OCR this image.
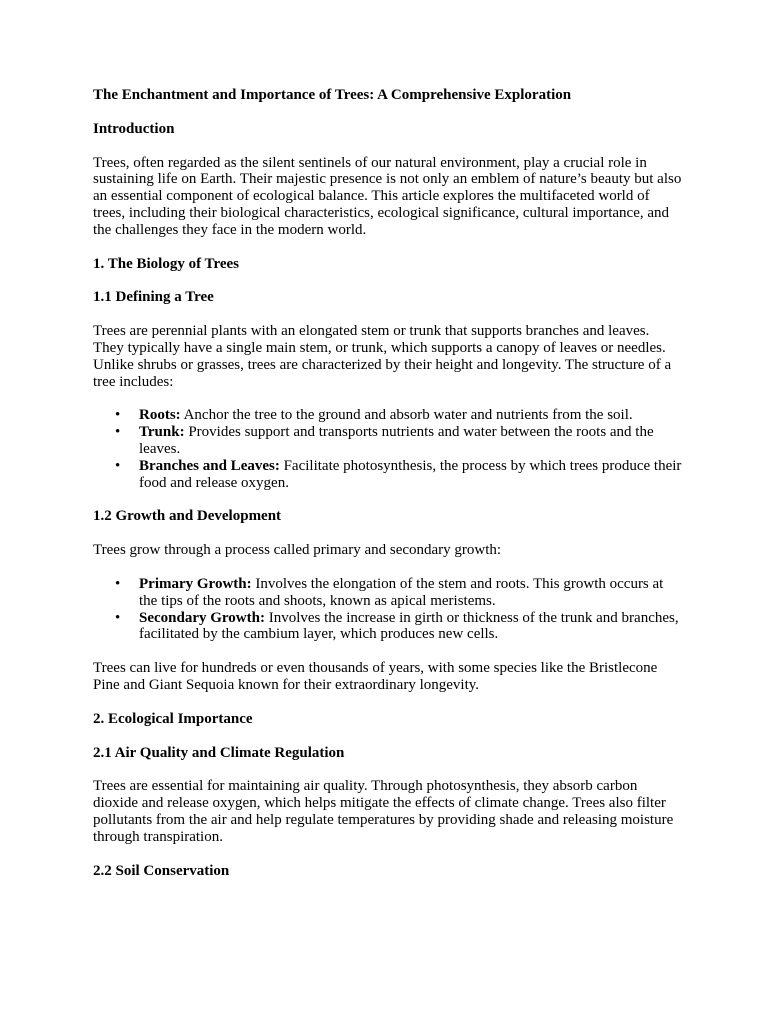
The Enchantment and Importance of Trees: A Comprehensive Exploration

Introduction

Trees, often regarded as the silent sentinels of our natural environment, play a crucial role in sustaining life on Earth. Their majestic presence is not only an emblem of nature’s beauty but also an essential component of ecological balance. This article explores the multifaceted world of trees, including their biological characteristics, ecological significance, cultural importance, and the challenges they face in the modern world.

1. The Biology of Trees

1.1 Defining a Tree

Trees are perennial plants with an elongated stem or trunk that supports branches and leaves. They typically have a single main stem, or trunk, which supports a canopy of leaves or needles. Unlike shrubs or grasses, trees are characterized by their height and longevity. The structure of a tree includes:

• Roots: Anchor the tree to the ground and absorb water and nutrients from the soil.
• Trunk: Provides support and transports nutrients and water between the roots and the leaves.
• Branches and Leaves: Facilitate photosynthesis, the process by which trees produce their food and release oxygen.

1.2 Growth and Development

Trees grow through a process called primary and secondary growth:

• Primary Growth: Involves the elongation of the stem and roots. This growth occurs at the tips of the roots and shoots, known as apical meristems.
• Secondary Growth: Involves the increase in girth or thickness of the trunk and branches, facilitated by the cambium layer, which produces new cells.

Trees can live for hundreds or even thousands of years, with some species like the Bristlecone Pine and Giant Sequoia known for their extraordinary longevity.

2. Ecological Importance

2.1 Air Quality and Climate Regulation

Trees are essential for maintaining air quality. Through photosynthesis, they absorb carbon dioxide and release oxygen, which helps mitigate the effects of climate change. Trees also filter pollutants from the air and help regulate temperatures by providing shade and releasing moisture through transpiration.

2.2 Soil Conservation
